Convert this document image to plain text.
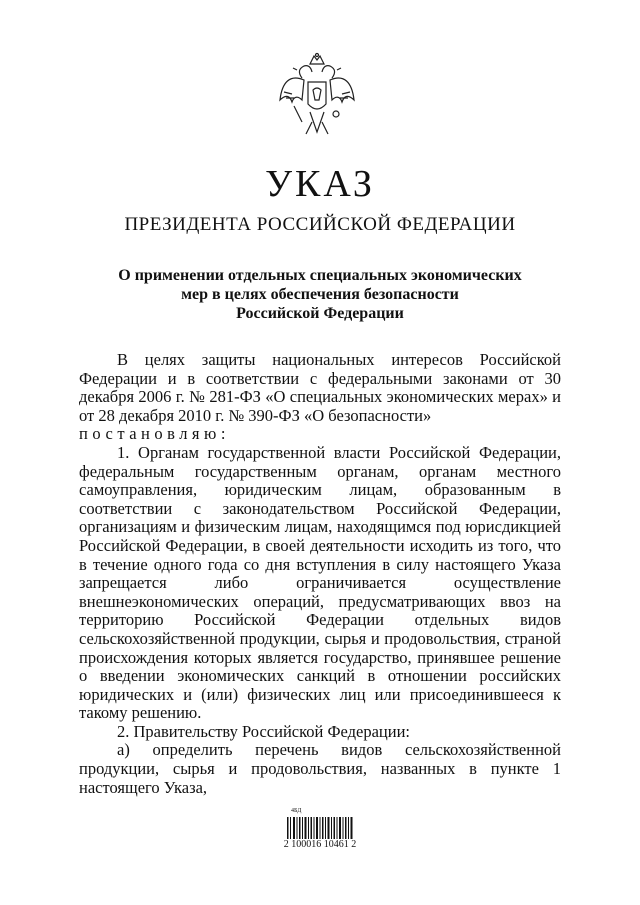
УКАЗ
ПРЕЗИДЕНТА РОССИЙСКОЙ ФЕДЕРАЦИИ
О применении отдельных специальных экономических
мер в целях обеспечения безопасности
Российской Федерации

В целях защиты национальных интересов Российской Федерации и в соответствии с федеральными законами от 30 декабря 2006 г. № 281-ФЗ «О специальных экономических мерах» и от 28 декабря 2010 г. № 390-ФЗ «О безопасности»

постановляю:

1. Органам государственной власти Российской Федерации, федеральным государственным органам, органам местного самоуправления, юридическим лицам, образованным в соответствии с законодательством Российской Федерации, организациям и физическим лицам, находящимся под юрисдикцией Российской Федерации, в своей деятельности исходить из того, что в течение одного года со дня вступления в силу настоящего Указа запрещается либо ограничивается осуществление внешнеэкономических операций, предусматривающих ввоз на территорию Российской Федерации отдельных видов сельскохозяйственной продукции, сырья и продовольствия, страной происхождения которых является государство, принявшее решение о введении экономических санкций в отношении российских юридических и (или) физических лиц или присоединившееся к такому решению.

2. Правительству Российской Федерации:

а) определить перечень видов сельскохозяйственной продукции, сырья и продовольствия, названных в пункте 1 настоящего Указа,

4БД
2 100016 10461 2
